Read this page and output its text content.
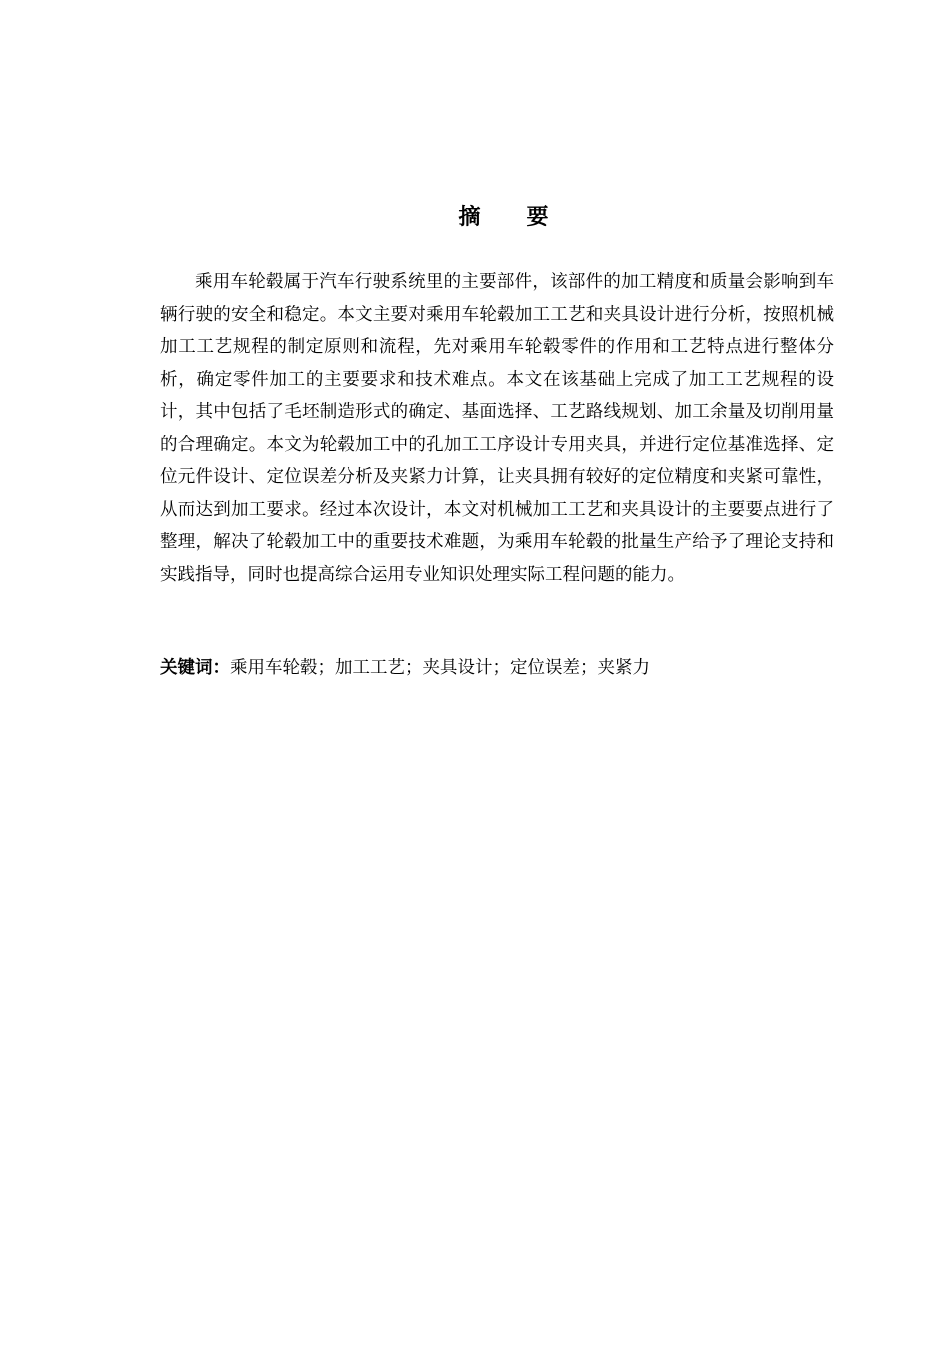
摘 要

乘用车轮毂属于汽车行驶系统里的主要部件，该部件的加工精度和质量会影响到车辆行驶的安全和稳定。本文主要对乘用车轮毂加工工艺和夹具设计进行分析，按照机械加工工艺规程的制定原则和流程，先对乘用车轮毂零件的作用和工艺特点进行整体分析，确定零件加工的主要要求和技术难点。本文在该基础上完成了加工工艺规程的设计，其中包括了毛坯制造形式的确定、基面选择、工艺路线规划、加工余量及切削用量的合理确定。本文为轮毂加工中的孔加工工序设计专用夹具，并进行定位基准选择、定位元件设计、定位误差分析及夹紧力计算，让夹具拥有较好的定位精度和夹紧可靠性，从而达到加工要求。经过本次设计，本文对机械加工工艺和夹具设计的主要要点进行了整理，解决了轮毂加工中的重要技术难题，为乘用车轮毂的批量生产给予了理论支持和实践指导，同时也提高综合运用专业知识处理实际工程问题的能力。

关键词：乘用车轮毂；加工工艺；夹具设计；定位误差；夹紧力
